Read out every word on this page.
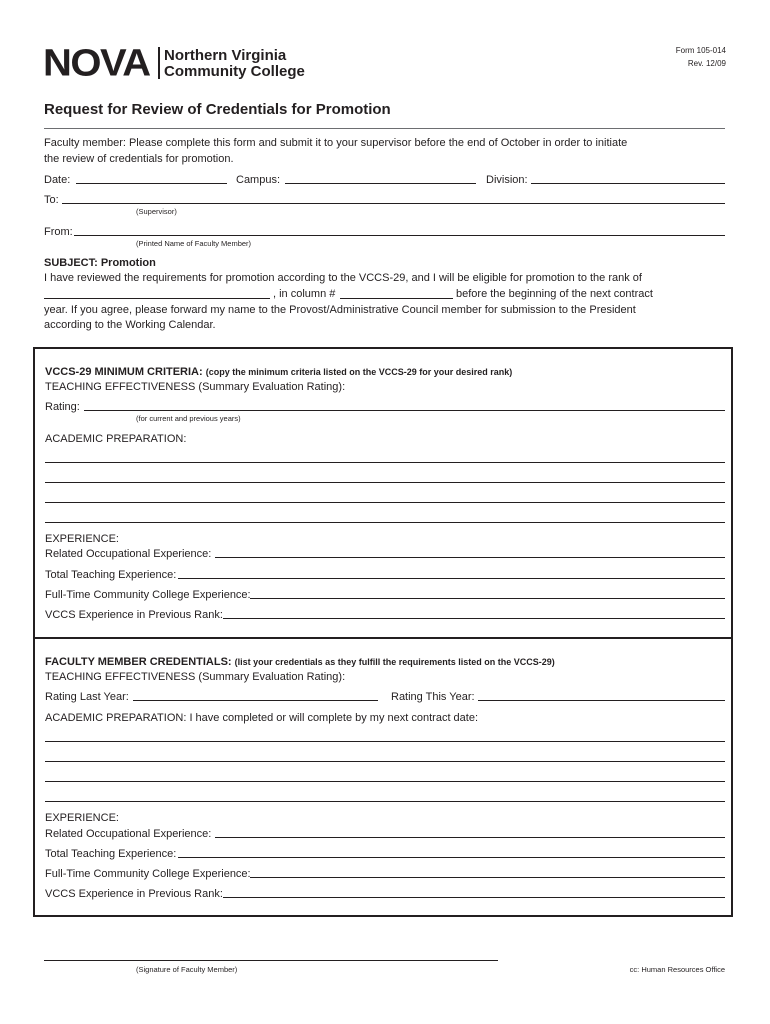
NOVA Northern Virginia
Community College
Form 105-014
Rev. 12/09
Request for Review of Credentials for Promotion
Faculty member: Please complete this form and submit it to your supervisor before the end of October in order to initiate
the review of credentials for promotion.
Date:	Campus:	Division:
To:
(Supervisor)
From:
(Printed Name of Faculty Member)
SUBJECT: Promotion
I have reviewed the requirements for promotion according to the VCCS-29, and I will be eligible for promotion to the rank of
, in column #	before the beginning of the next contract
year. If you agree, please forward my name to the Provost/Administrative Council member for submission to the President
according to the Working Calendar.
VCCS-29 MINIMUM CRITERIA: (copy the minimum criteria listed on the VCCS-29 for your desired rank)
TEACHING EFFECTIVENESS (Summary Evaluation Rating):
Rating:
(for current and previous years)
ACADEMIC PREPARATION:
EXPERIENCE:
Related Occupational Experience:
Total Teaching Experience:
Full-Time Community College Experience:
VCCS Experience in Previous Rank:
FACULTY MEMBER CREDENTIALS: (list your credentials as they fulfill the requirements listed on the VCCS-29)
TEACHING EFFECTIVENESS (Summary Evaluation Rating):
Rating Last Year:	Rating This Year:
ACADEMIC PREPARATION: I have completed or will complete by my next contract date:
EXPERIENCE:
Related Occupational Experience:
Total Teaching Experience:
Full-Time Community College Experience:
VCCS Experience in Previous Rank:
(Signature of Faculty Member)	cc: Human Resources Office
